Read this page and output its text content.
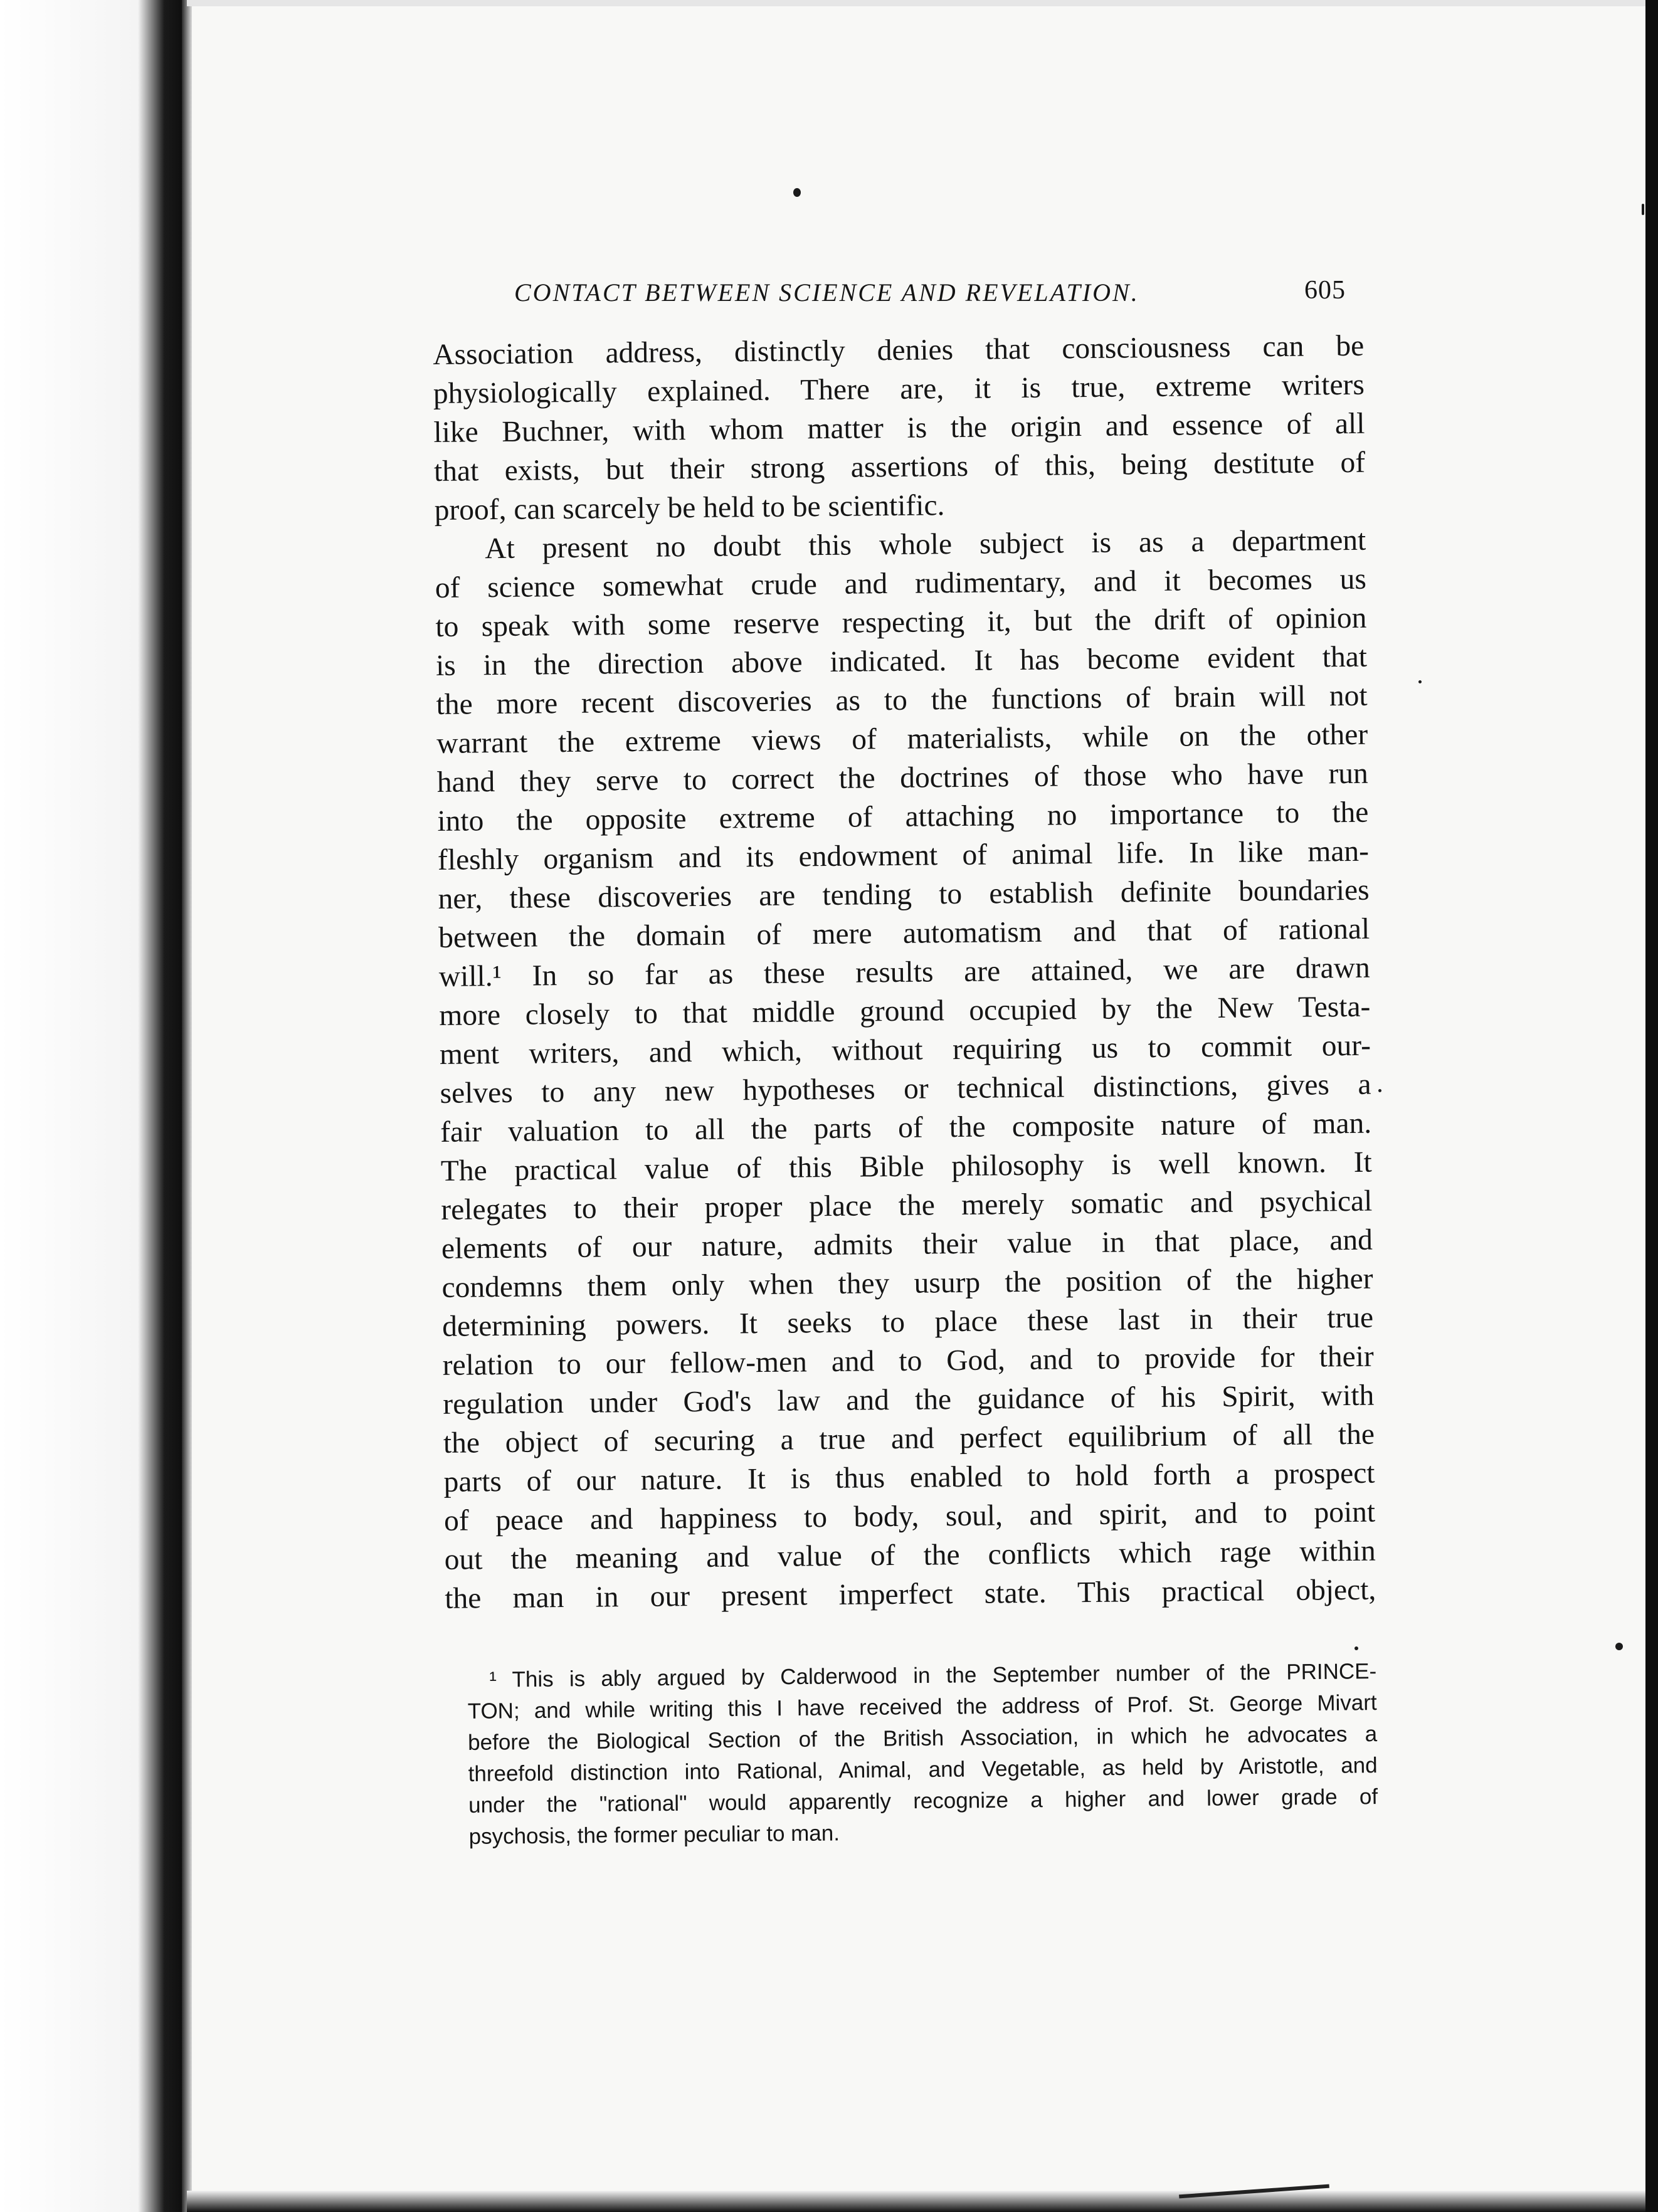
CONTACT BETWEEN SCIENCE AND REVELATION.	605
Association address, distinctly denies that consciousness can be
physiologically explained. There are, it is true, extreme writers
like Buchner, with whom matter is the origin and essence of all
that exists, but their strong assertions of this, being destitute of
proof, can scarcely be held to be scientific.
At present no doubt this whole subject is as a department
of science somewhat crude and rudimentary, and it becomes us
to speak with some reserve respecting it, but the drift of opinion
is in the direction above indicated. It has become evident that
the more recent discoveries as to the functions of brain will not
warrant the extreme views of materialists, while on the other
hand they serve to correct the doctrines of those who have run
into the opposite extreme of attaching no importance to the
fleshly organism and its endowment of animal life. In like man-
ner, these discoveries are tending to establish definite boundaries
between the domain of mere automatism and that of rational
will.¹ In so far as these results are attained, we are drawn
more closely to that middle ground occupied by the New Testa-
ment writers, and which, without requiring us to commit our-
selves to any new hypotheses or technical distinctions, gives a
fair valuation to all the parts of the composite nature of man.
The practical value of this Bible philosophy is well known. It
relegates to their proper place the merely somatic and psychical
elements of our nature, admits their value in that place, and
condemns them only when they usurp the position of the higher
determining powers. It seeks to place these last in their true
relation to our fellow-men and to God, and to provide for their
regulation under God's law and the guidance of his Spirit, with
the object of securing a true and perfect equilibrium of all the
parts of our nature. It is thus enabled to hold forth a prospect
of peace and happiness to body, soul, and spirit, and to point
out the meaning and value of the conflicts which rage within
the man in our present imperfect state. This practical object,
¹ This is ably argued by Calderwood in the September number of the PRINCE-
TON; and while writing this I have received the address of Prof. St. George Mivart
before the Biological Section of the British Association, in which he advocates a
threefold distinction into Rational, Animal, and Vegetable, as held by Aristotle, and
under the "rational" would apparently recognize a higher and lower grade of
psychosis, the former peculiar to man.
